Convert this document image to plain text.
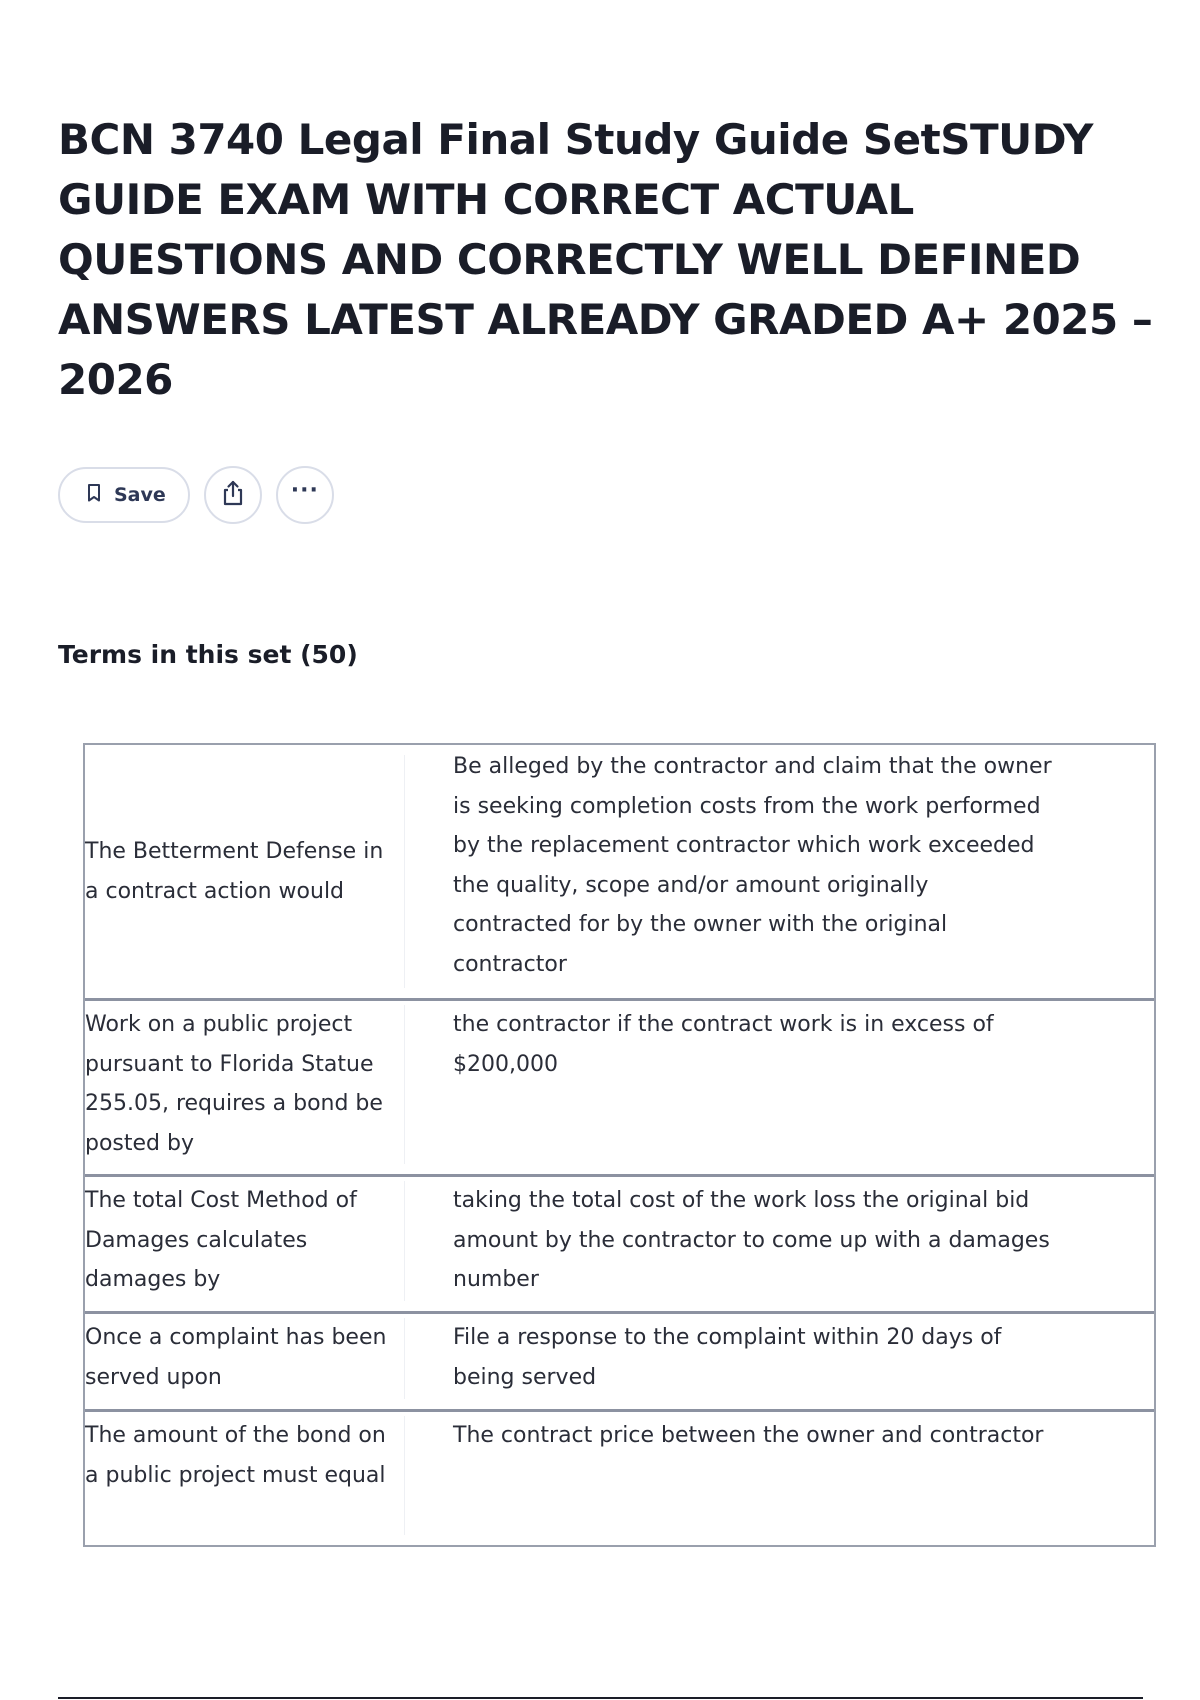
BCN 3740 Legal Final Study Guide SetSTUDY GUIDE EXAM WITH CORRECT ACTUAL QUESTIONS AND CORRECTLY WELL DEFINED ANSWERS LATEST ALREADY GRADED A+ 2025 – 2026
Save	···
Terms in this set (50)

The Betterment Defense in a contract action would

Be alleged by the contractor and claim that the owner is seeking completion costs from the work performed by the replacement contractor which work exceeded the quality, scope and/or amount originally contracted for by the owner with the original contractor

Work on a public project pursuant to Florida Statue 255.05, requires a bond be posted by

the contractor if the contract work is in excess of $200,000

The total Cost Method of Damages calculates damages by

taking the total cost of the work loss the original bid amount by the contractor to come up with a damages number

Once a complaint has been served upon

File a response to the complaint within 20 days of being served

The amount of the bond on a public project must equal

The contract price between the owner and contractor
